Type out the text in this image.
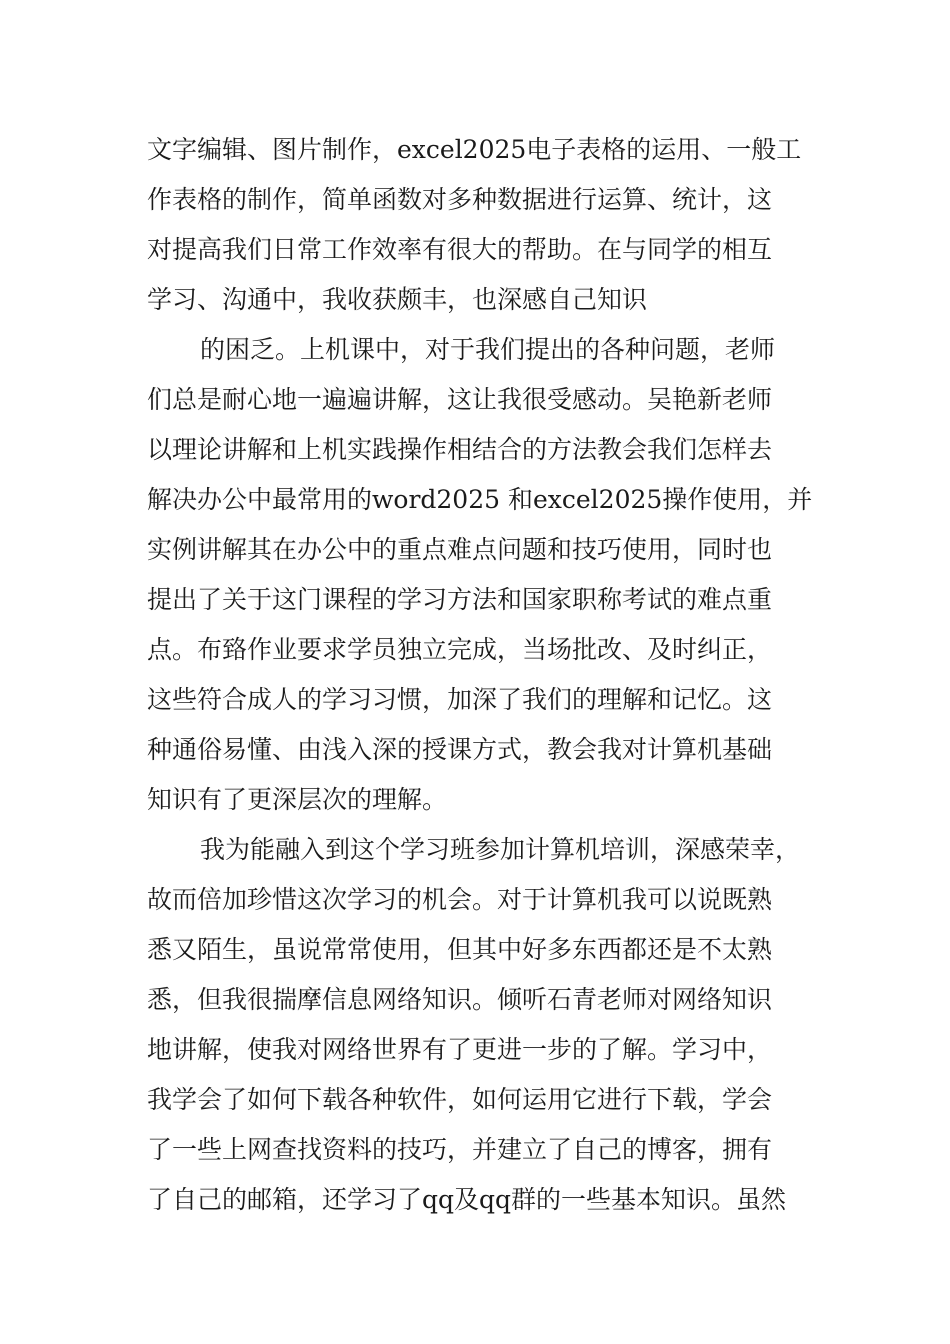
文字编辑、图片制作，excel2025电子表格的运用、一般工
作表格的制作，简单函数对多种数据进行运算、统计，这
对提高我们日常工作效率有很大的帮助。在与同学的相互
学习、沟通中，我收获颇丰，也深感自己知识
的困乏。上机课中，对于我们提出的各种问题，老师
们总是耐心地一遍遍讲解，这让我很受感动。吴艳新老师
以理论讲解和上机实践操作相结合的方法教会我们怎样去
解决办公中最常用的word2025 和excel2025操作使用，并
实例讲解其在办公中的重点难点问题和技巧使用，同时也
提出了关于这门课程的学习方法和国家职称考试的难点重
点。布臵作业要求学员独立完成，当场批改、及时纠正，
这些符合成人的学习习惯，加深了我们的理解和记忆。这
种通俗易懂、由浅入深的授课方式，教会我对计算机基础
知识有了更深层次的理解。
我为能融入到这个学习班参加计算机培训，深感荣幸，
故而倍加珍惜这次学习的机会。对于计算机我可以说既熟
悉又陌生，虽说常常使用，但其中好多东西都还是不太熟
悉，但我很揣摩信息网络知识。倾听石青老师对网络知识
地讲解，使我对网络世界有了更进一步的了解。学习中，
我学会了如何下载各种软件，如何运用它进行下载，学会
了一些上网查找资料的技巧，并建立了自己的博客，拥有
了自己的邮箱，还学习了qq及qq群的一些基本知识。虽然
